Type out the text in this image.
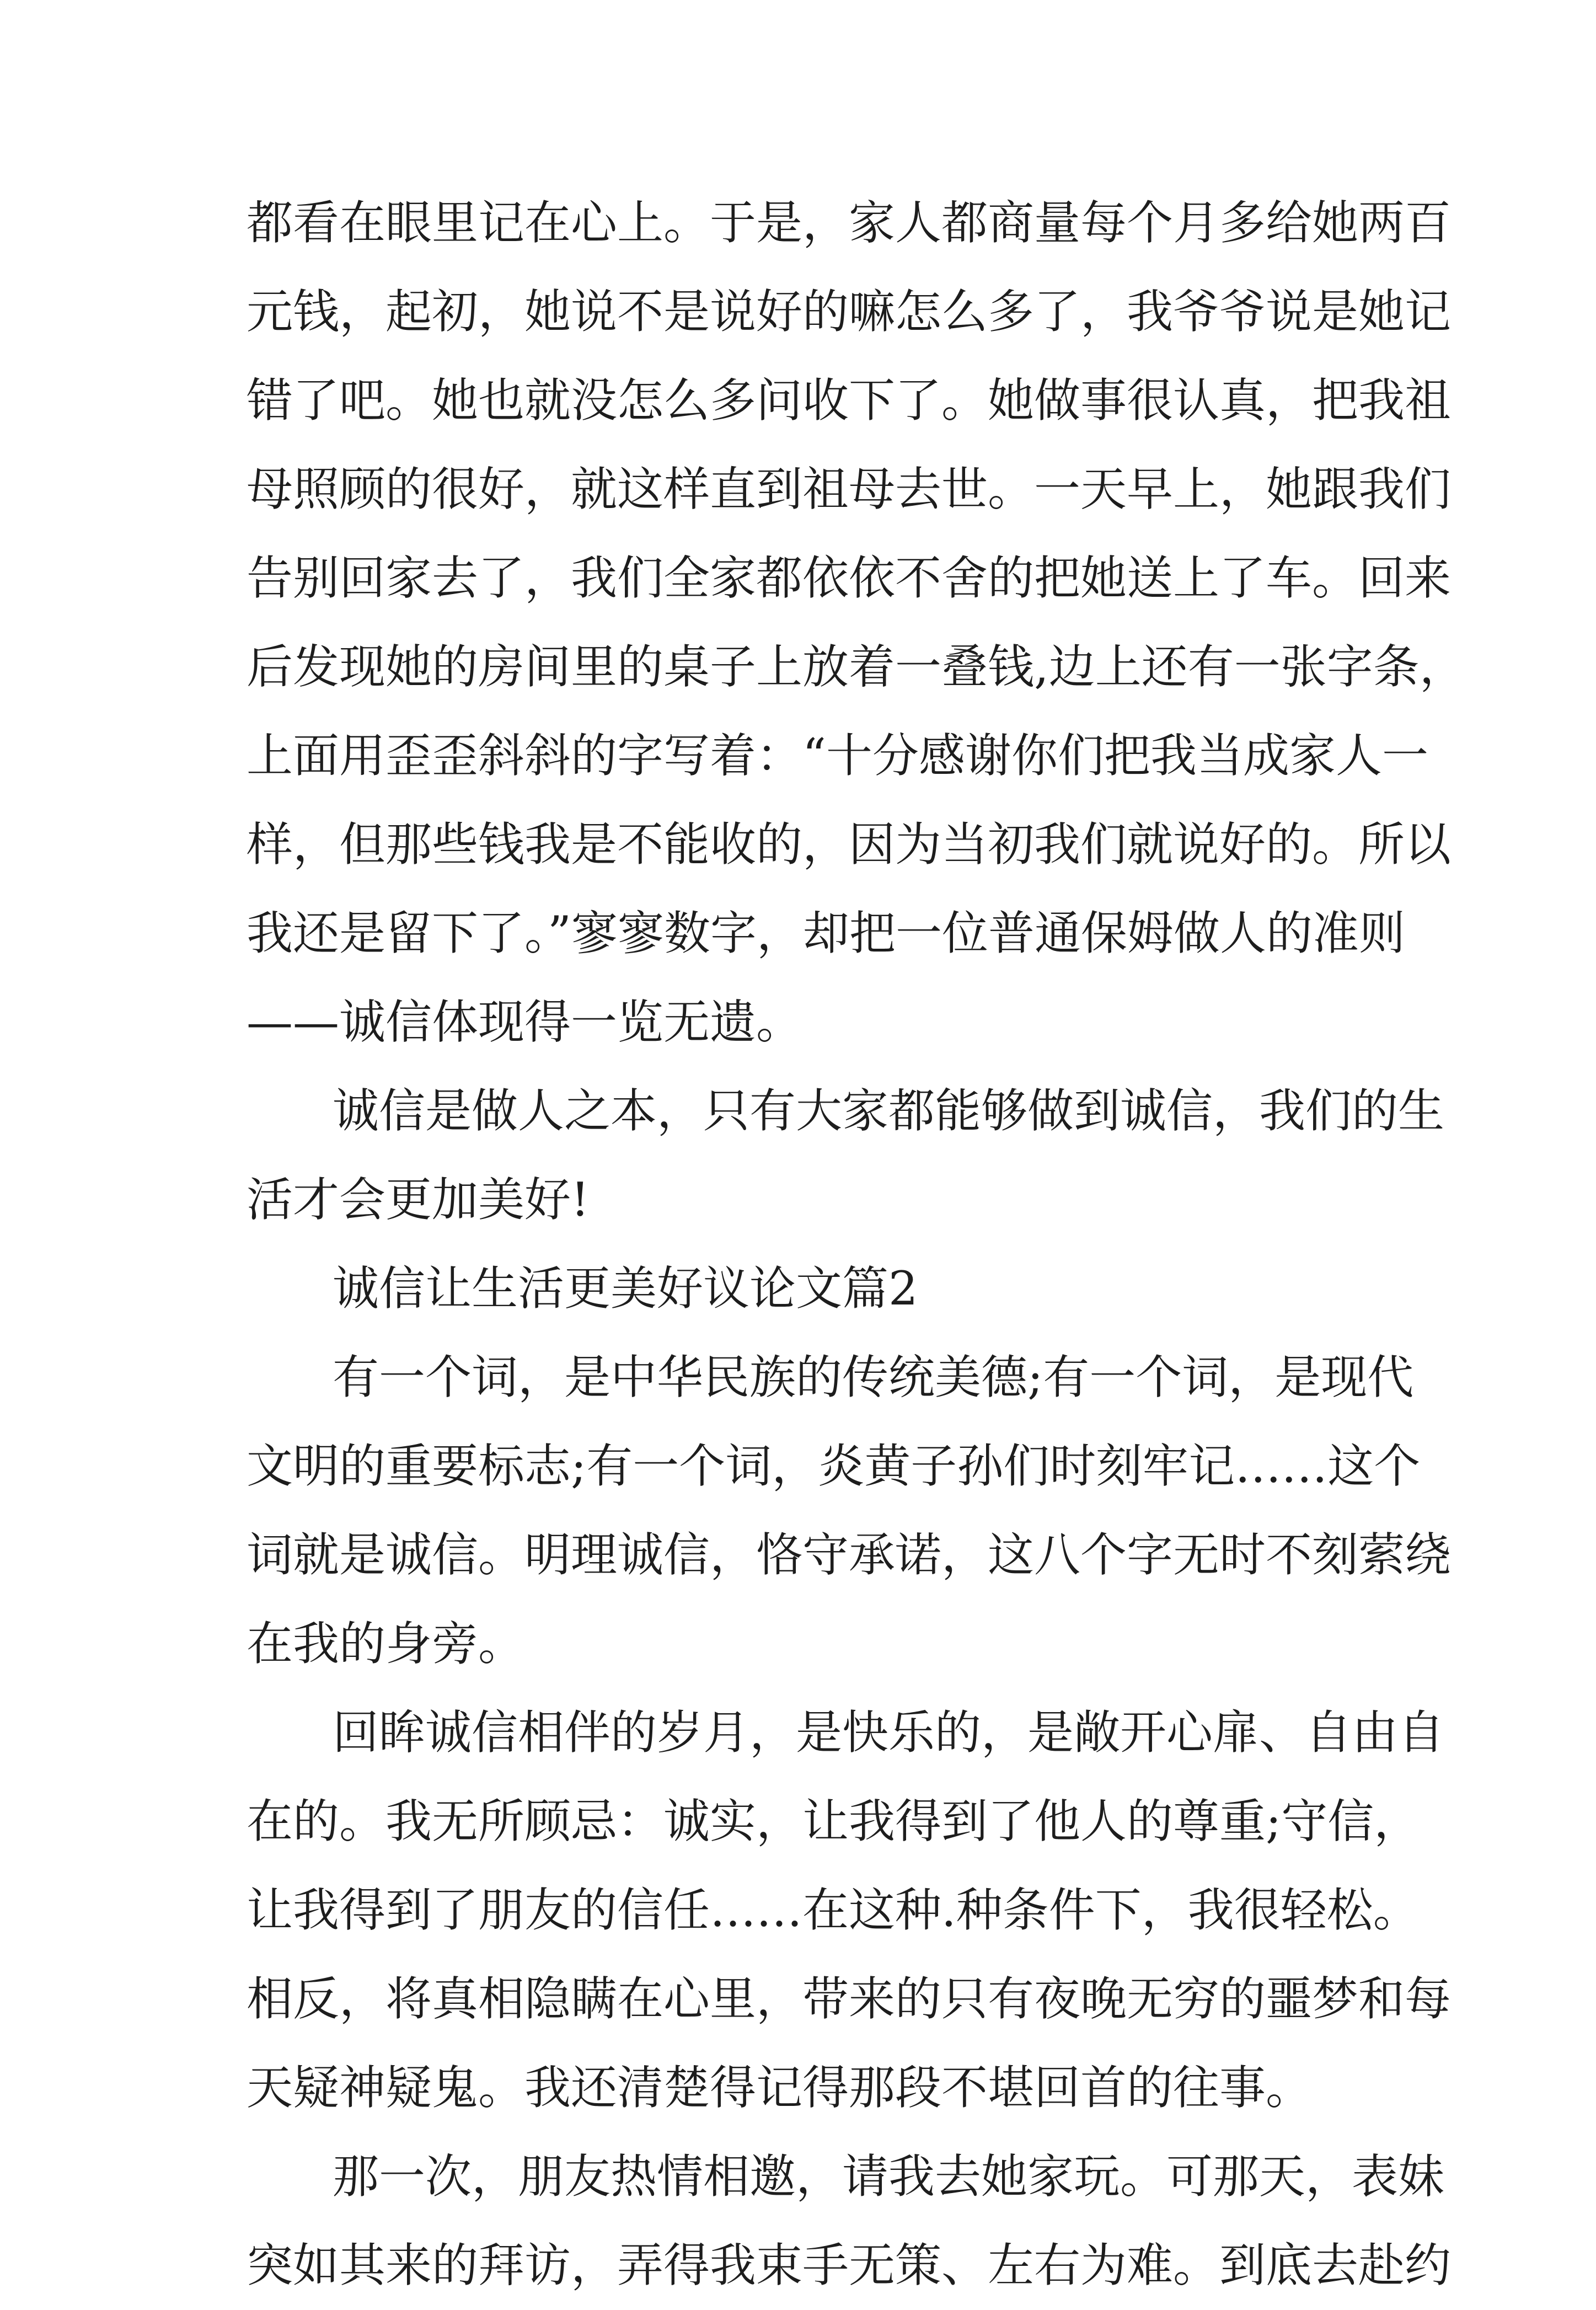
都看在眼里记在心上。于是，家人都商量每个月多给她两百
元钱，起初，她说不是说好的嘛怎么多了，我爷爷说是她记
错了吧。她也就没怎么多问收下了。她做事很认真，把我祖
母照顾的很好，就这样直到祖母去世。一天早上，她跟我们
告别回家去了，我们全家都依依不舍的把她送上了车。回来
后发现她的房间里的桌子上放着一叠钱,边上还有一张字条，
上面用歪歪斜斜的字写着：“十分感谢你们把我当成家人一
样，但那些钱我是不能收的，因为当初我们就说好的。所以
我还是留下了。”寥寥数字，却把一位普通保姆做人的准则
——诚信体现得一览无遗。
诚信是做人之本，只有大家都能够做到诚信，我们的生
活才会更加美好!
诚信让生活更美好议论文篇2
有一个词，是中华民族的传统美德;有一个词，是现代
文明的重要标志;有一个词，炎黄子孙们时刻牢记……这个
词就是诚信。明理诚信，恪守承诺，这八个字无时不刻萦绕
在我的身旁。
回眸诚信相伴的岁月，是快乐的，是敞开心扉、自由自
在的。我无所顾忌：诚实，让我得到了他人的尊重;守信，
让我得到了朋友的信任……在这种.种条件下，我很轻松。
相反，将真相隐瞒在心里，带来的只有夜晚无穷的噩梦和每
天疑神疑鬼。我还清楚得记得那段不堪回首的往事。
那一次，朋友热情相邀，请我去她家玩。可那天，表妹
突如其来的拜访，弄得我束手无策、左右为难。到底去赴约
